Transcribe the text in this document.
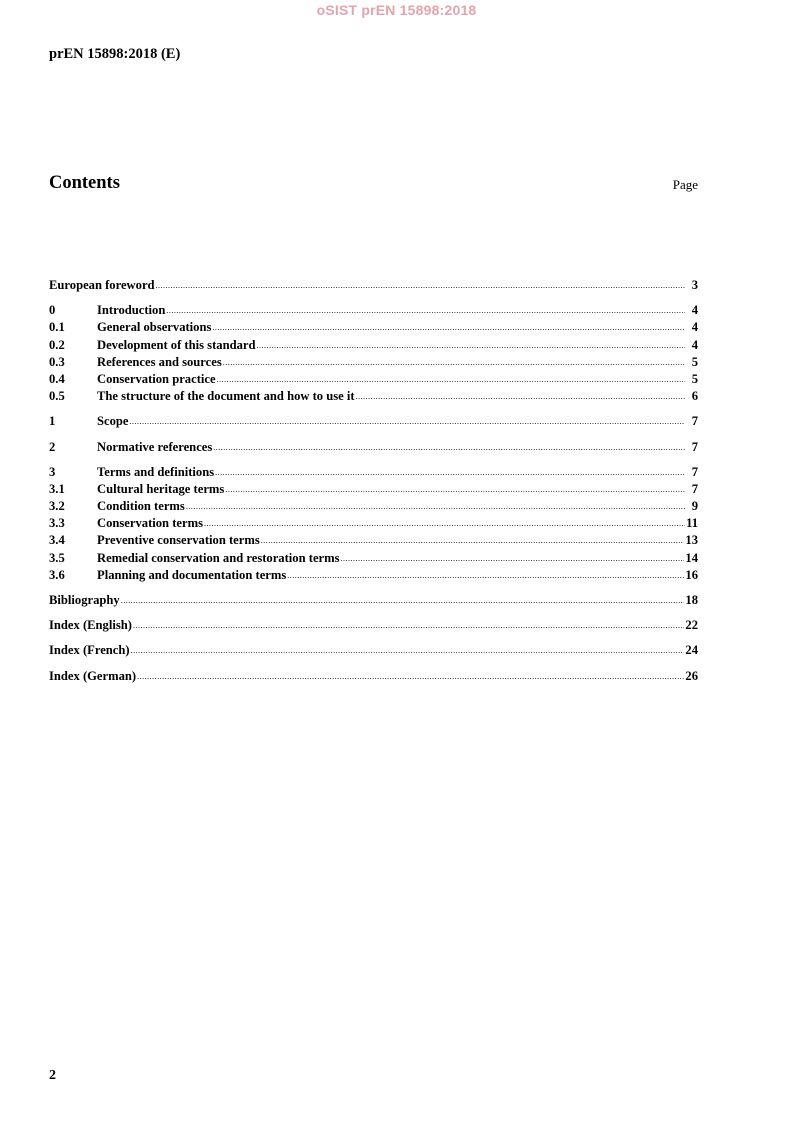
oSIST prEN 15898:2018
prEN 15898:2018 (E)
Contents	Page
European foreword .....	3
0	Introduction .....	4
0.1	General observations .....	4
0.2	Development of this standard .....	4
0.3	References and sources .....	5
0.4	Conservation practice .....	5
0.5	The structure of the document and how to use it .....	6
1	Scope .....	7
2	Normative references .....	7
3	Terms and definitions .....	7
3.1	Cultural heritage terms .....	7
3.2	Condition terms .....	9
3.3	Conservation terms .....	11
3.4	Preventive conservation terms .....	13
3.5	Remedial conservation and restoration terms .....	14
3.6	Planning and documentation terms .....	16
Bibliography .....	18
Index (English) .....	22
Index (French) .....	24
Index (German) .....	26
2
